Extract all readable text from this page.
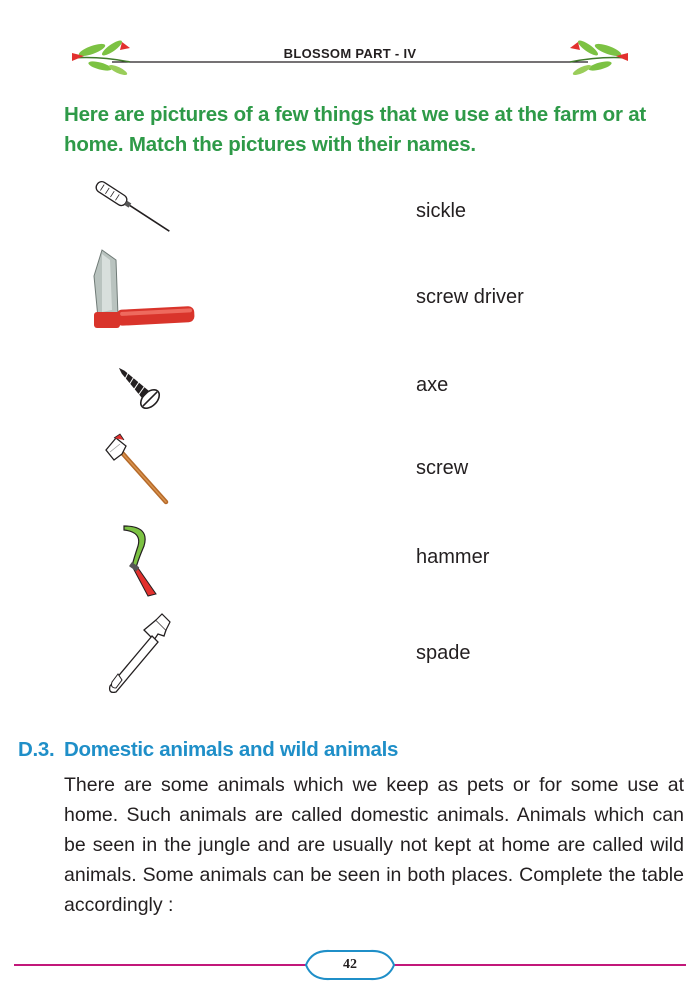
BLOSSOM PART - IV
Here are pictures of a few things that we use at the farm or at home. Match the pictures with their names.
sickle
screw driver
axe
screw
hammer
spade
D.3. Domestic animals and wild animals

There are some animals which we keep as pets or for some use at home. Such animals are called domestic animals. Animals which can be seen in the jungle and are usually not kept at home are called wild animals. Some animals can be seen in both places. Complete the table accordingly :

42
